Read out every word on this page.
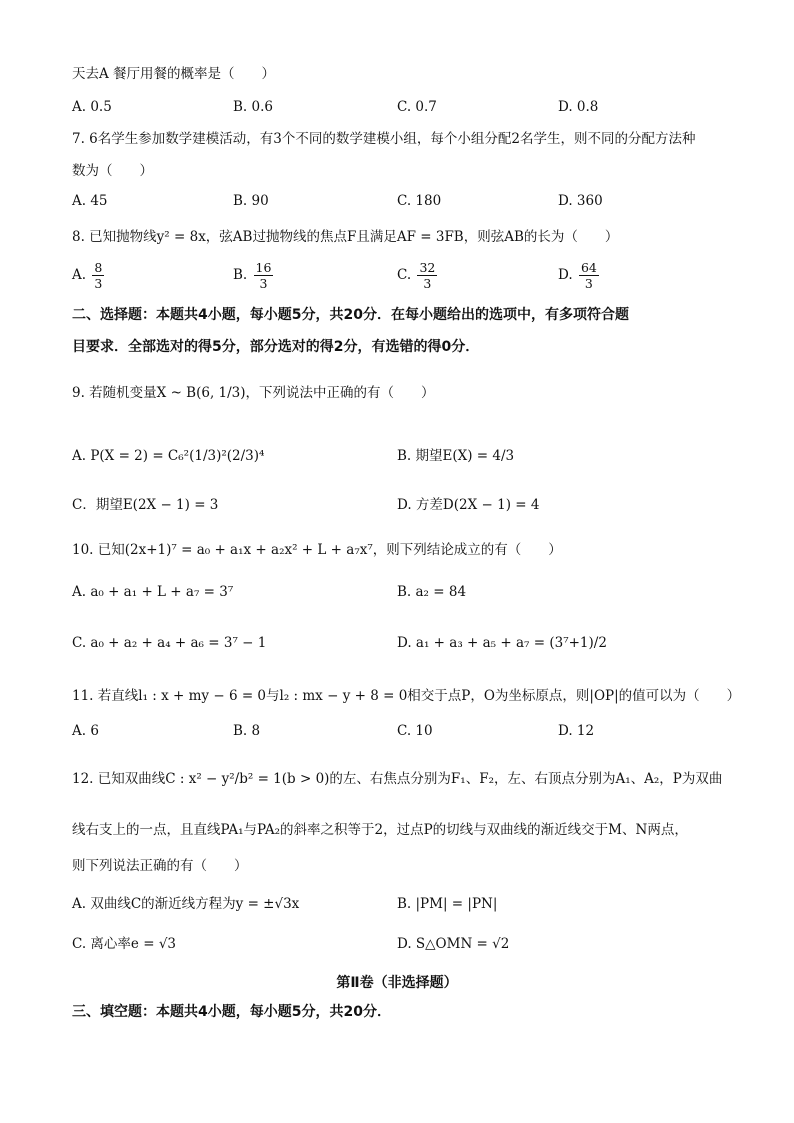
天去A 餐厅用餐的概率是（　　）
A. 0.5	B. 0.6	C. 0.7	D. 0.8
7. 6名学生参加数学建模活动，有3个不同的数学建模小组，每个小组分配2名学生，则不同的分配方法种
数为（　　）
A. 45	B. 90	C. 180	D. 360
8. 已知抛物线y² = 8x，弦AB过抛物线的焦点F且满足AF = 3FB，则弦AB的长为（　　）
A. $\frac{8}{3}$	B. $\frac{16}{3}$	C. $\frac{32}{3}$	D. $\frac{64}{3}$
二、选择题：本题共4小题，每小题5分，共20分．在每小题给出的选项中，有多项符合题
目要求．全部选对的得5分，部分选对的得2分，有选错的得0分．
9. 若随机变量X ~ B(6, 1/3)，下列说法中正确的有（　　）
A. P(X = 2) = C₆²(1/3)²(2/3)⁴	B. 期望E(X) = 4/3
C．期望E(2X − 1) = 3	D. 方差D(2X − 1) = 4
10. 已知(2x+1)⁷ = a₀ + a₁x + a₂x² + L + a₇x⁷，则下列结论成立的有（　　）
A. a₀ + a₁ + L + a₇ = 3⁷	B. a₂ = 84
C. a₀ + a₂ + a₄ + a₆ = 3⁷ − 1	D. a₁ + a₃ + a₅ + a₇ = (3⁷+1)/2
11. 若直线l₁ : x + my − 6 = 0与l₂ : mx − y + 8 = 0相交于点P，O为坐标原点，则|OP|的值可以为（　　）
A. 6	B. 8	C. 10	D. 12
12. 已知双曲线C : x² − y²/b² = 1(b > 0)的左、右焦点分别为F₁、F₂，左、右顶点分别为A₁、A₂，P为双曲
线右支上的一点，且直线PA₁与PA₂的斜率之积等于2，过点P的切线与双曲线的渐近线交于M、N两点，
则下列说法正确的有（　　）
A. 双曲线C的渐近线方程为y = ±√3x	B. |PM| = |PN|
C. 离心率e = √3	D. S△OMN = √2
第Ⅱ卷（非选择题）
三、填空题：本题共4小题，每小题5分，共20分．
